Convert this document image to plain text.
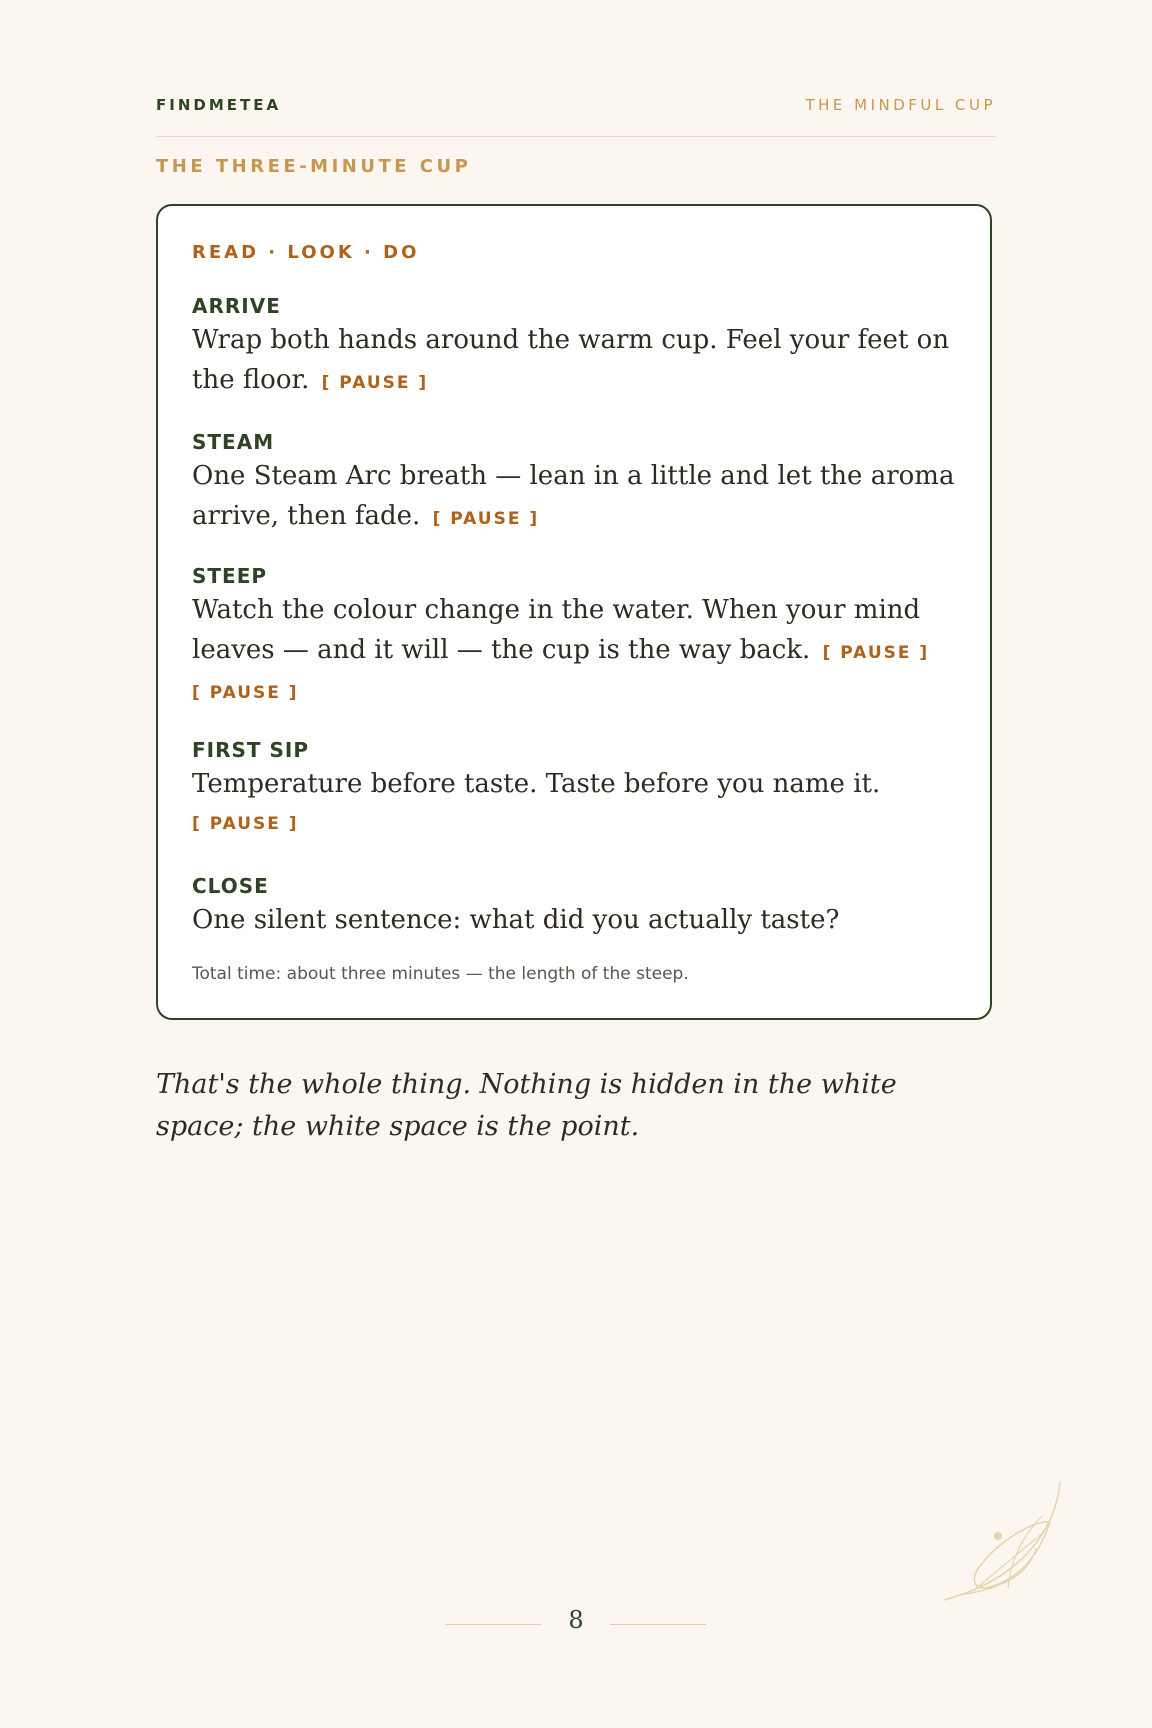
FINDMETEA	THE MINDFUL CUP
THE THREE-MINUTE CUP
READ · LOOK · DO

ARRIVE

Wrap both hands around the warm cup. Feel your feet on the floor. [ PAUSE ]

STEAM

One Steam Arc breath — lean in a little and let the aroma arrive, then fade. [ PAUSE ]

STEEP

Watch the colour change in the water. When your mind leaves — and it will — the cup is the way back. [ PAUSE ]

[ PAUSE ]

FIRST SIP

Temperature before taste. Taste before you name it.

[ PAUSE ]

CLOSE

One silent sentence: what did you actually taste?

Total time: about three minutes — the length of the steep.

That's the whole thing. Nothing is hidden in the white space; the white space is the point.

8
